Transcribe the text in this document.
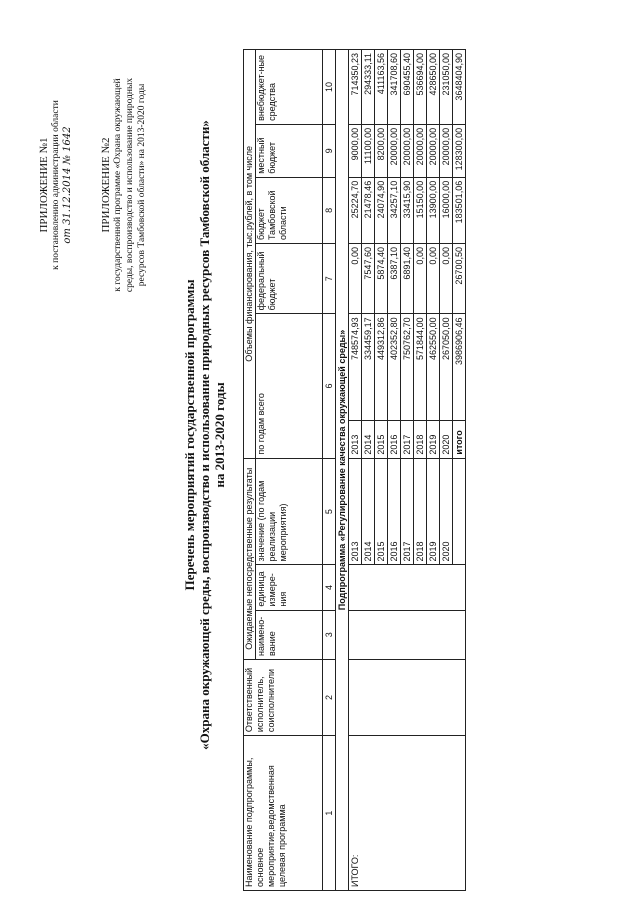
ПРИЛОЖЕНИЕ №1 к постановлению администрации области от 31.12.2014 № 1642 ПРИЛОЖЕНИЕ №2 к государственной программе «Охрана окружающей среды, воспроизводство и использование природных ресурсов Тамбовской области» на 2013-2020 годы
Перечень мероприятий государственной программы «Охрана окружающей среды, воспроизводство и использование природных ресурсов Тамбовской области» на 2013-2020 годы
Наименование подпрограммы, основное мероприятие,ведомственная целевая программа	Ответственный исполнитель, соисполнители	Ожидаемые непосредственные результаты			Объемы финансирования, тыс.рублей, в том числе					
		наимено-вание	единица измере-ния	значение (по годам реализации мероприятия)	по годам всего		федеральный бюджет	бюджет Тамбовской области	местный бюджет	внебюджет-ные средства
1	2	3	4	5	6		7	8	9	10
Подпрограмма «Регулирование качества окружающей среды»										
ИТОГО:				2013	2013	748574,93	0,00	25224,70	9000,00	714350,23
				2014	2014	334459,17	7547,60	21478,46	11100,00	294333,11
				2015	2015	449312,86	5874,40	24074,90	8200,00	411163,56
				2016	2016	402352,80	6387,10	34257,10	20000,00	341708,60
				2017	2017	750762,70	6891,40	33415,90	20000,00	690455,40
				2018	2018	571844,00	0,00	15150,00	20000,00	536694,00
				2019	2019	462550,00	0,00	13900,00	20000,00	428650,00
				2020	2020	267050,00	0,00	16000,00	20000,00	231050,00
					итого	3986906,46	26700,50	183501,06	128300,00	3648404,90
